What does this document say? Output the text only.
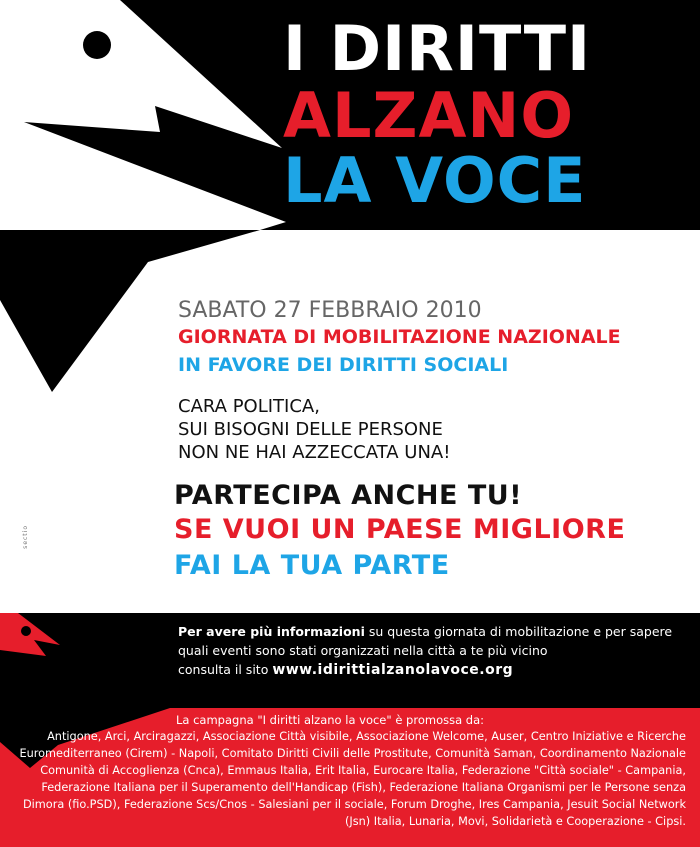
I DIRITTI
ALZANO
LA VOCE
SABATO 27 FEBBRAIO 2010
GIORNATA DI MOBILITAZIONE NAZIONALE
IN FAVORE DEI DIRITTI SOCIALI
CARA POLITICA,
SUI BISOGNI DELLE PERSONE
NON NE HAI AZZECCATA UNA!
PARTECIPA ANCHE TU!
SE VUOI UN PAESE MIGLIORE
FAI LA TUA PARTE
sectio
Per avere più informazioni su questa giornata di mobilitazione e per sapere quali eventi sono stati organizzati nella città a te più vicino
consulta il sito www.idirittialzanolavoce.org
La campagna "I diritti alzano la voce" è promossa da:
Antigone, Arci, Arciragazzi, Associazione Città visibile, Associazione Welcome, Auser, Centro Iniziative e Ricerche Euromediterraneo (Cirem) - Napoli, Comitato Diritti Civili delle Prostitute, Comunità Saman, Coordinamento Nazionale Comunità di Accoglienza (Cnca), Emmaus Italia, Erit Italia, Eurocare Italia, Federazione "Città sociale" - Campania, Federazione Italiana per il Superamento dell'Handicap (Fish), Federazione Italiana Organismi per le Persone senza Dimora (fio.PSD), Federazione Scs/Cnos - Salesiani per il sociale, Forum Droghe, Ires Campania, Jesuit Social Network (Jsn) Italia, Lunaria, Movi, Solidarietà e Cooperazione - Cipsi.
